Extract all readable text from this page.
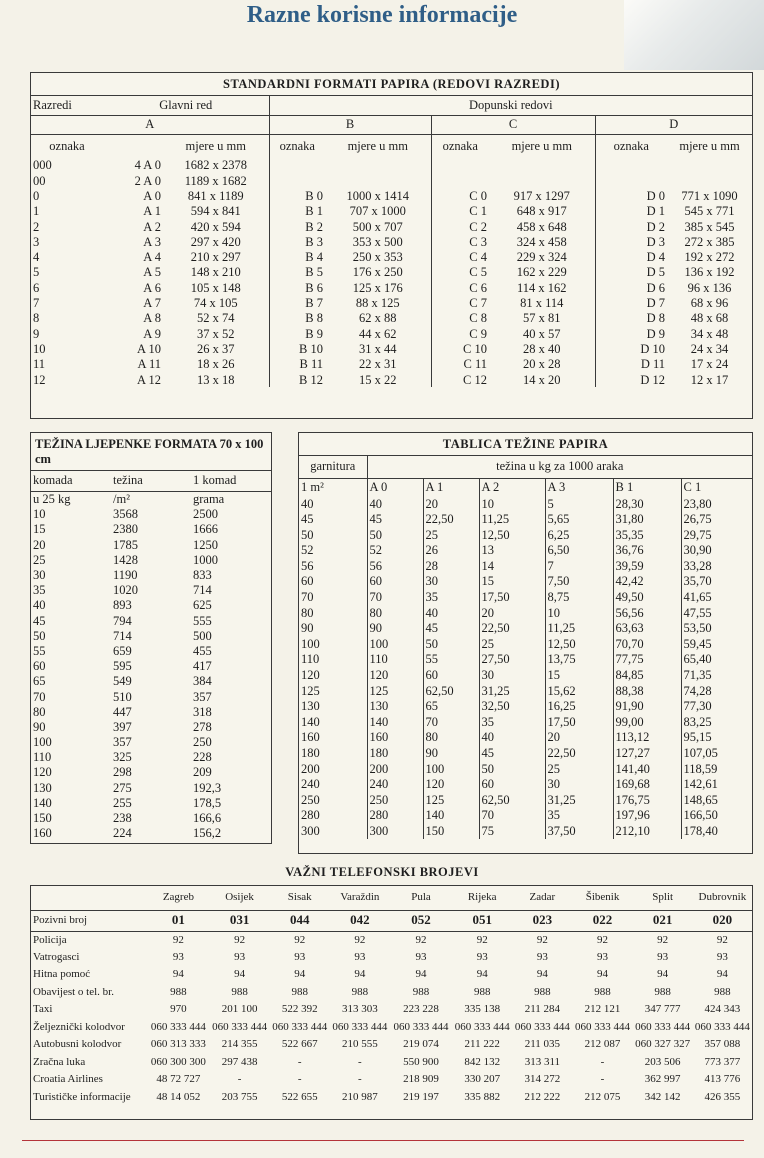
Razne korisne informacije
STANDARDNI FORMATI PAPIRA (REDOVI RAZREDI)
Razredi	Glavni red		Dopunski redovi					
A			B		C		D	
oznaka		mjere u mm	oznaka	mjere u mm	oznaka	mjere u mm	oznaka	mjere u mm
000	4 A 0	1682 x 2378						
00	2 A 0	1189 x 1682						
0	A 0	841 x 1189	B 0	1000 x 1414	C 0	917 x 1297	D 0	771 x 1090
1	A 1	594 x 841	B 1	707 x 1000	C 1	648 x 917	D 1	545 x 771
2	A 2	420 x 594	B 2	500 x 707	C 2	458 x 648	D 2	385 x 545
3	A 3	297 x 420	B 3	353 x 500	C 3	324 x 458	D 3	272 x 385
4	A 4	210 x 297	B 4	250 x 353	C 4	229 x 324	D 4	192 x 272
5	A 5	148 x 210	B 5	176 x 250	C 5	162 x 229	D 5	136 x 192
6	A 6	105 x 148	B 6	125 x 176	C 6	114 x 162	D 6	96 x 136
7	A 7	74 x 105	B 7	88 x 125	C 7	81 x 114	D 7	68 x 96
8	A 8	52 x 74	B 8	62 x 88	C 8	57 x 81	D 8	48 x 68
9	A 9	37 x 52	B 9	44 x 62	C 9	40 x 57	D 9	34 x 48
10	A 10	26 x 37	B 10	31 x 44	C 10	28 x 40	D 10	24 x 34
11	A 11	18 x 26	B 11	22 x 31	C 11	20 x 28	D 11	17 x 24
12	A 12	13 x 18	B 12	15 x 22	C 12	14 x 20	D 12	12 x 17
TEŽINA LJEPENKE FORMATA 70 x 100 cm
komada	težina	1 komad
u 25 kg	/m²	grama
10	3568	2500
15	2380	1666
20	1785	1250
25	1428	1000
30	1190	833
35	1020	714
40	893	625
45	794	555
50	714	500
55	659	455
60	595	417
65	549	384
70	510	357
80	447	318
90	397	278
100	357	250
110	325	228
120	298	209
130	275	192,3
140	255	178,5
150	238	166,6
160	224	156,2
TABLICA TEŽINE PAPIRA
garnitura	težina u kg za 1000 araka					
1 m²	A 0	A 1	A 2	A 3	B 1	C 1
40	40	20	10	5	28,30	23,80
45	45	22,50	11,25	5,65	31,80	26,75
50	50	25	12,50	6,25	35,35	29,75
52	52	26	13	6,50	36,76	30,90
56	56	28	14	7	39,59	33,28
60	60	30	15	7,50	42,42	35,70
70	70	35	17,50	8,75	49,50	41,65
80	80	40	20	10	56,56	47,55
90	90	45	22,50	11,25	63,63	53,50
100	100	50	25	12,50	70,70	59,45
110	110	55	27,50	13,75	77,75	65,40
120	120	60	30	15	84,85	71,35
125	125	62,50	31,25	15,62	88,38	74,28
130	130	65	32,50	16,25	91,90	77,30
140	140	70	35	17,50	99,00	83,25
160	160	80	40	20	113,12	95,15
180	180	90	45	22,50	127,27	107,05
200	200	100	50	25	141,40	118,59
240	240	120	60	30	169,68	142,61
250	250	125	62,50	31,25	176,75	148,65
280	280	140	70	35	197,96	166,50
300	300	150	75	37,50	212,10	178,40
VAŽNI TELEFONSKI BROJEVI
	Zagreb	Osijek	Sisak	Varaždin	Pula	Rijeka	Zadar	Šibenik	Split	Dubrovnik
Pozivni broj	01	031	044	042	052	051	023	022	021	020
Policija	92	92	92	92	92	92	92	92	92	92
Vatrogasci	93	93	93	93	93	93	93	93	93	93
Hitna pomoć	94	94	94	94	94	94	94	94	94	94
Obavijest o tel. br.	988	988	988	988	988	988	988	988	988	988
Taxi	970	201 100	522 392	313 303	223 228	335 138	211 284	212 121	347 777	424 343
Željeznički kolodvor	060 333 444	060 333 444	060 333 444	060 333 444	060 333 444	060 333 444	060 333 444	060 333 444	060 333 444	060 333 444
Autobusni kolodvor	060 313 333	214 355	522 667	210 555	219 074	211 222	211 035	212 087	060 327 327	357 088
Zračna luka	060 300 300	297 438	-	-	550 900	842 132	313 311	-	203 506	773 377
Croatia Airlines	48 72 727	-	-	-	218 909	330 207	314 272	-	362 997	413 776
Turističke informacije	48 14 052	203 755	522 655	210 987	219 197	335 882	212 222	212 075	342 142	426 355
